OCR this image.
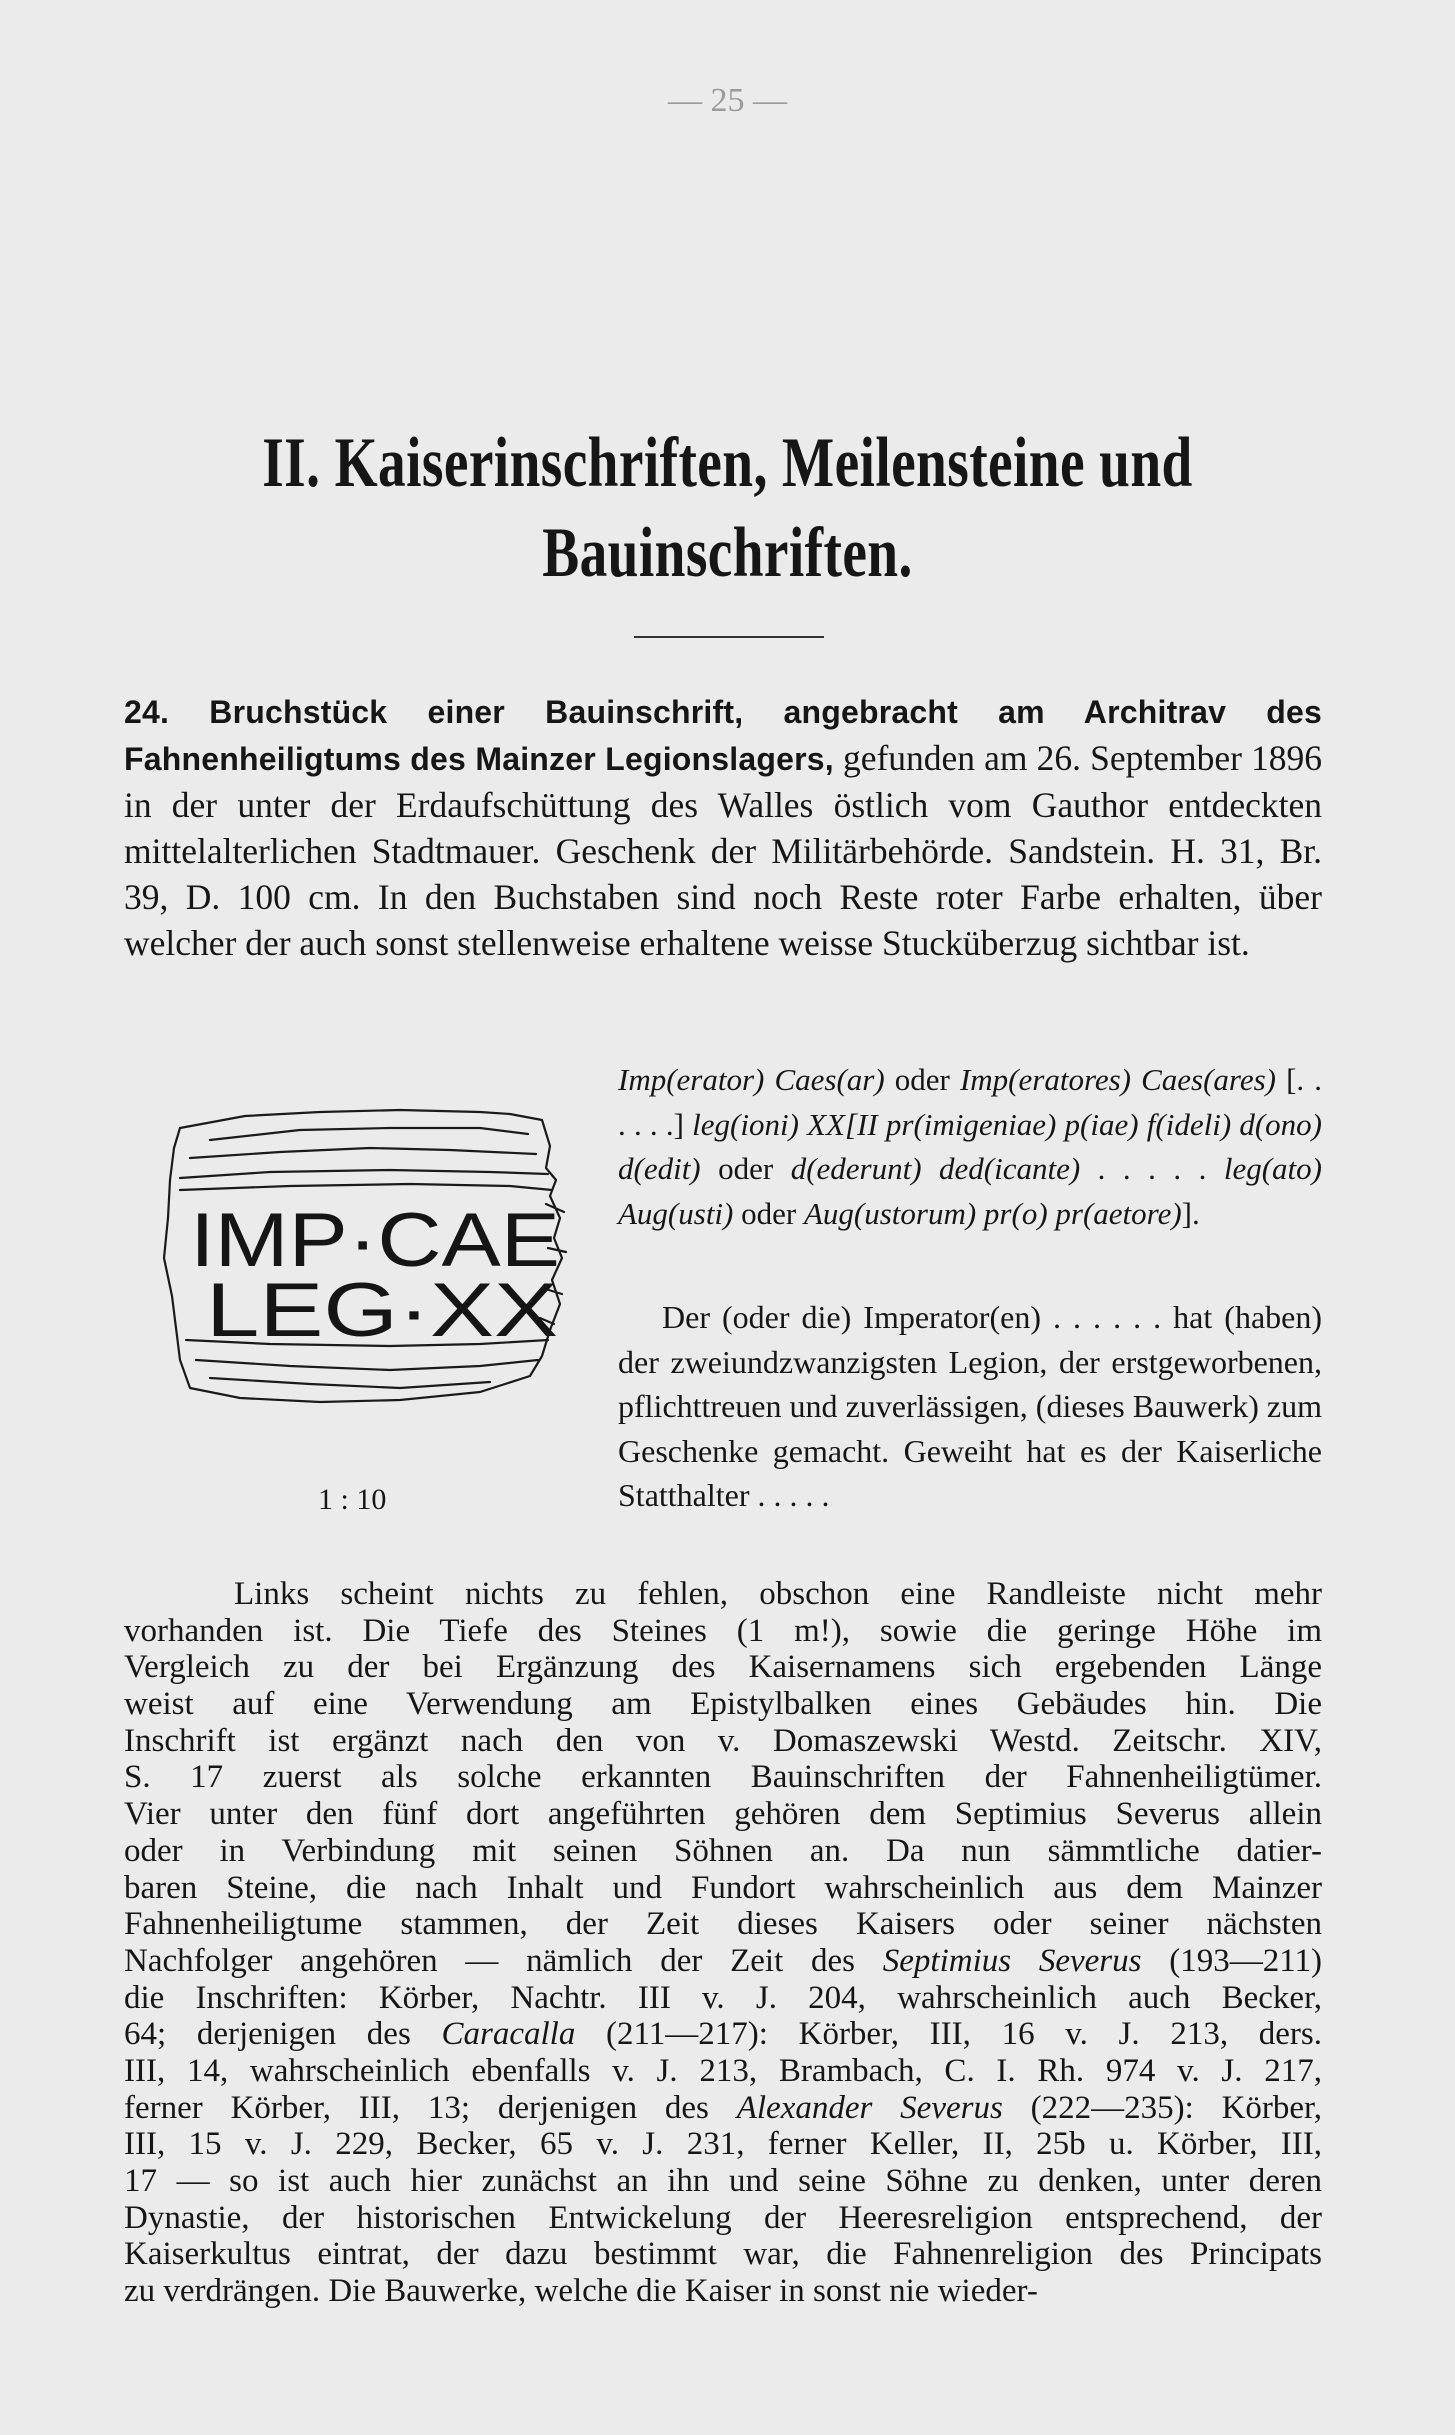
— 25 —
II. Kaiserinschriften, Meilensteine und
Bauinschriften.
24. Bruchstück einer Bauinschrift, angebracht am Architrav des Fahnenheiligtums des Mainzer Legionslagers, gefunden am 26. September 1896 in der unter der Erdaufschüttung des Walles östlich vom Gauthor entdeckten mittelalterlichen Stadtmauer. Geschenk der Militärbehörde. Sandstein. H. 31, Br. 39, D. 100 cm. In den Buchstaben sind noch Reste roter Farbe erhalten, über welcher der auch sonst stellenweise erhaltene weisse Stucküberzug sichtbar ist.
Imp(erator) Caes(ar) oder Imp(eratores) Caes(ares) [. . . . . .] leg(ioni) XX[II pr(imigeniae) p(iae) f(ideli) d(ono) d(edit) oder d(ederunt) ded(icante) . . . . . leg(ato) Aug(usti) oder Aug(ustorum) pr(o) pr(aetore)].
IMP·CAE
LEG·XX
1 : 10
Der (oder die) Imperator(en) . . . . . . hat (haben) der zweiundzwanzigsten Legion, der erstgeworbenen, pflichttreuen und zuverlässigen, (dieses Bauwerk) zum Geschenke gemacht. Geweiht hat es der Kaiserliche Statthalter . . . . .
Links scheint nichts zu fehlen, obschon eine Randleiste nicht mehr
vorhanden ist. Die Tiefe des Steines (1 m!), sowie die geringe Höhe im
Vergleich zu der bei Ergänzung des Kaisernamens sich ergebenden Länge
weist auf eine Verwendung am Epistylbalken eines Gebäudes hin. Die
Inschrift ist ergänzt nach den von v. Domaszewski Westd. Zeitschr. XIV,
S. 17 zuerst als solche erkannten Bauinschriften der Fahnenheiligtümer.
Vier unter den fünf dort angeführten gehören dem Septimius Severus allein
oder in Verbindung mit seinen Söhnen an. Da nun sämmtliche datier-
baren Steine, die nach Inhalt und Fundort wahrscheinlich aus dem Mainzer
Fahnenheiligtume stammen, der Zeit dieses Kaisers oder seiner nächsten
Nachfolger angehören — nämlich der Zeit des Septimius Severus (193—211)
die Inschriften: Körber, Nachtr. III v. J. 204, wahrscheinlich auch Becker,
64; derjenigen des Caracalla (211—217): Körber, III, 16 v. J. 213, ders.
III, 14, wahrscheinlich ebenfalls v. J. 213, Brambach, C. I. Rh. 974 v. J. 217,
ferner Körber, III, 13; derjenigen des Alexander Severus (222—235): Körber,
III, 15 v. J. 229, Becker, 65 v. J. 231, ferner Keller, II, 25b u. Körber, III,
17 — so ist auch hier zunächst an ihn und seine Söhne zu denken, unter deren
Dynastie, der historischen Entwickelung der Heeresreligion entsprechend, der
Kaiserkultus eintrat, der dazu bestimmt war, die Fahnenreligion des Principats
zu verdrängen. Die Bauwerke, welche die Kaiser in sonst nie wieder-
